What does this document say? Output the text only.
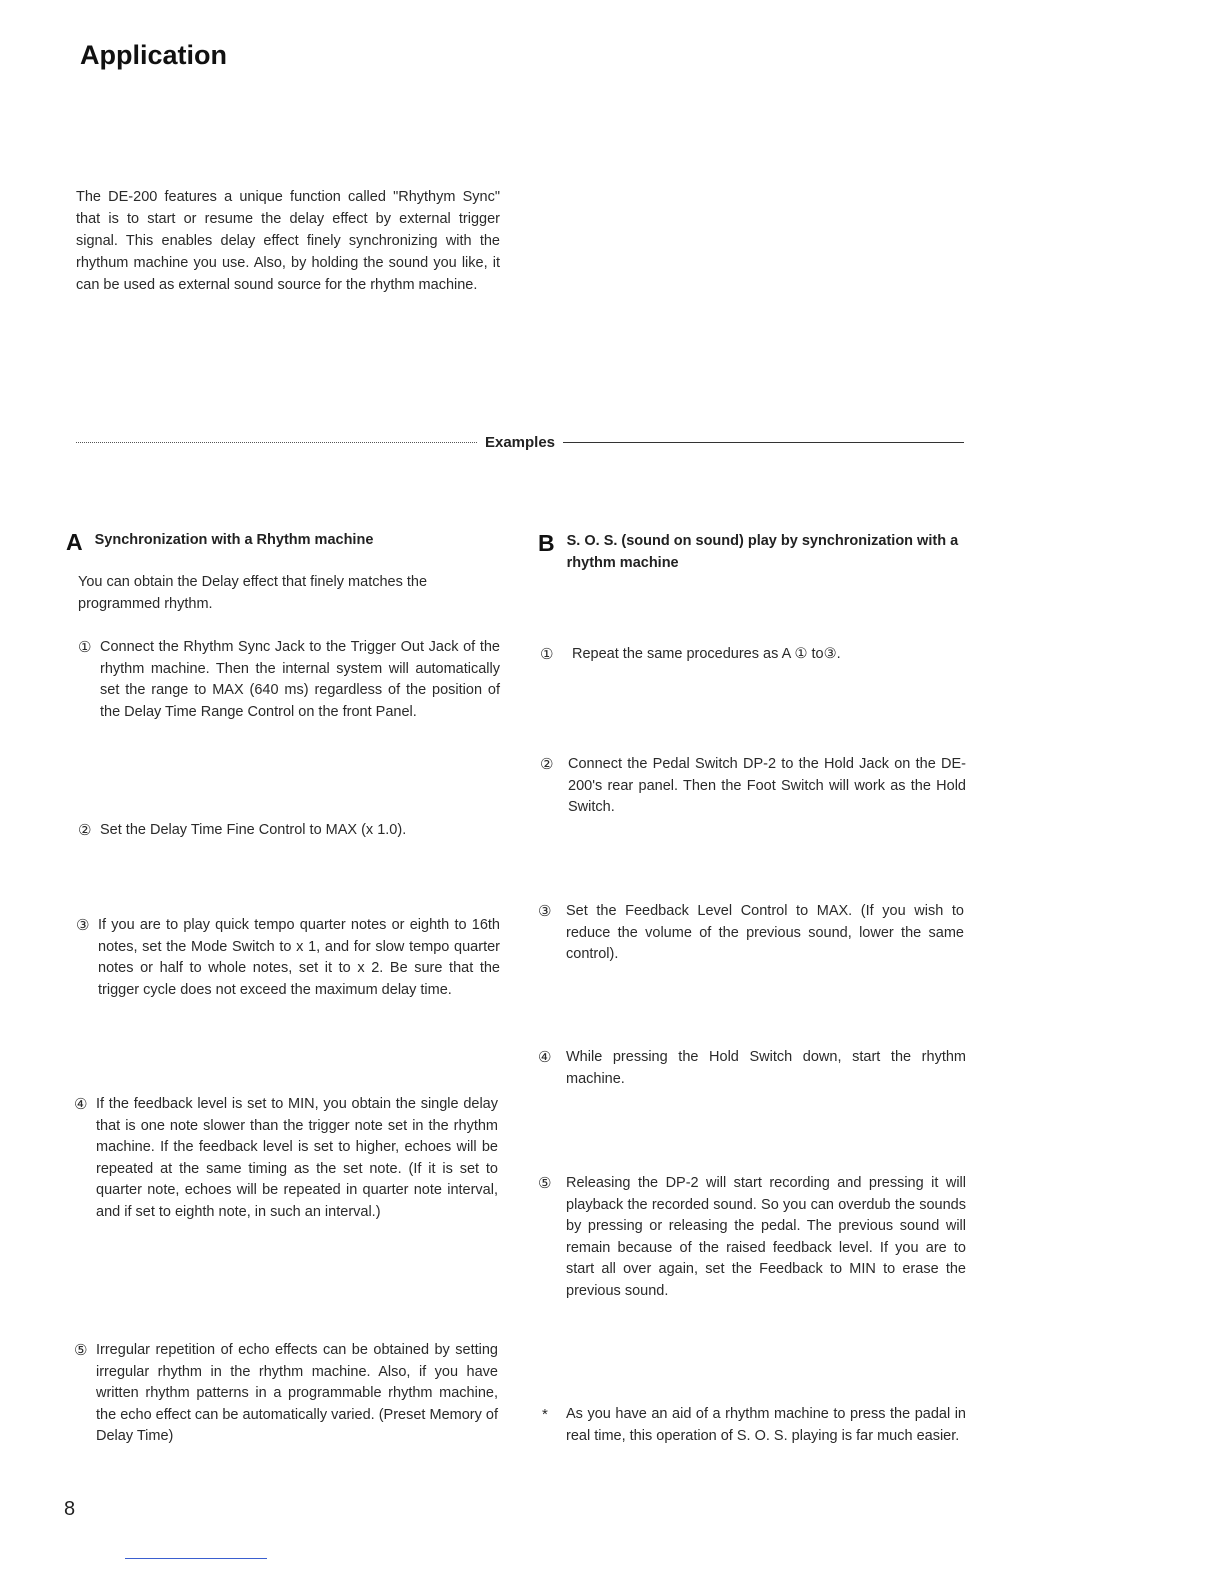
Application
The DE-200 features a unique function called "Rhythym Sync" that is to start or resume the delay effect by external trigger signal. This enables delay effect finely synchronizing with the rhythum machine you use. Also, by holding the sound you like, it can be used as external sound source for the rhythm machine.
Examples
A Synchronization with a Rhythm machine
You can obtain the Delay effect that finely matches the programmed rhythm.
① Connect the Rhythm Sync Jack to the Trigger Out Jack of the rhythm machine. Then the internal system will automatically set the range to MAX (640 ms) regardless of the position of the Delay Time Range Control on the front Panel.
② Set the Delay Time Fine Control to MAX (x 1.0).
③ If you are to play quick tempo quarter notes or eighth to 16th notes, set the Mode Switch to x 1, and for slow tempo quarter notes or half to whole notes, set it to x 2. Be sure that the trigger cycle does not exceed the maximum delay time.
④ If the feedback level is set to MIN, you obtain the single delay that is one note slower than the trigger note set in the rhythm machine. If the feedback level is set to higher, echoes will be repeated at the same timing as the set note. (If it is set to quarter note, echoes will be repeated in quarter note interval, and if set to eighth note, in such an interval.)
⑤ Irregular repetition of echo effects can be obtained by setting irregular rhythm in the rhythm machine. Also, if you have written rhythm patterns in a programmable rhythm machine, the echo effect can be automatically varied. (Preset Memory of Delay Time)
B S. O. S. (sound on sound) play by synchronization with a rhythm machine
①	Repeat the same procedures as A ① to③.
②	Connect the Pedal Switch DP-2 to the Hold Jack on the DE-200's rear panel. Then the Foot Switch will work as the Hold Switch.
③	Set the Feedback Level Control to MAX. (If you wish to reduce the volume of the previous sound, lower the same control).
④	While pressing the Hold Switch down, start the rhythm machine.
⑤	Releasing the DP-2 will start recording and pressing it will playback the recorded sound. So you can overdub the sounds by pressing or releasing the pedal. The previous sound will remain because of the raised feedback level. If you are to start all over again, set the Feedback to MIN to erase the previous sound.
*	As you have an aid of a rhythm machine to press the padal in real time, this operation of S. O. S. playing is far much easier.
8
